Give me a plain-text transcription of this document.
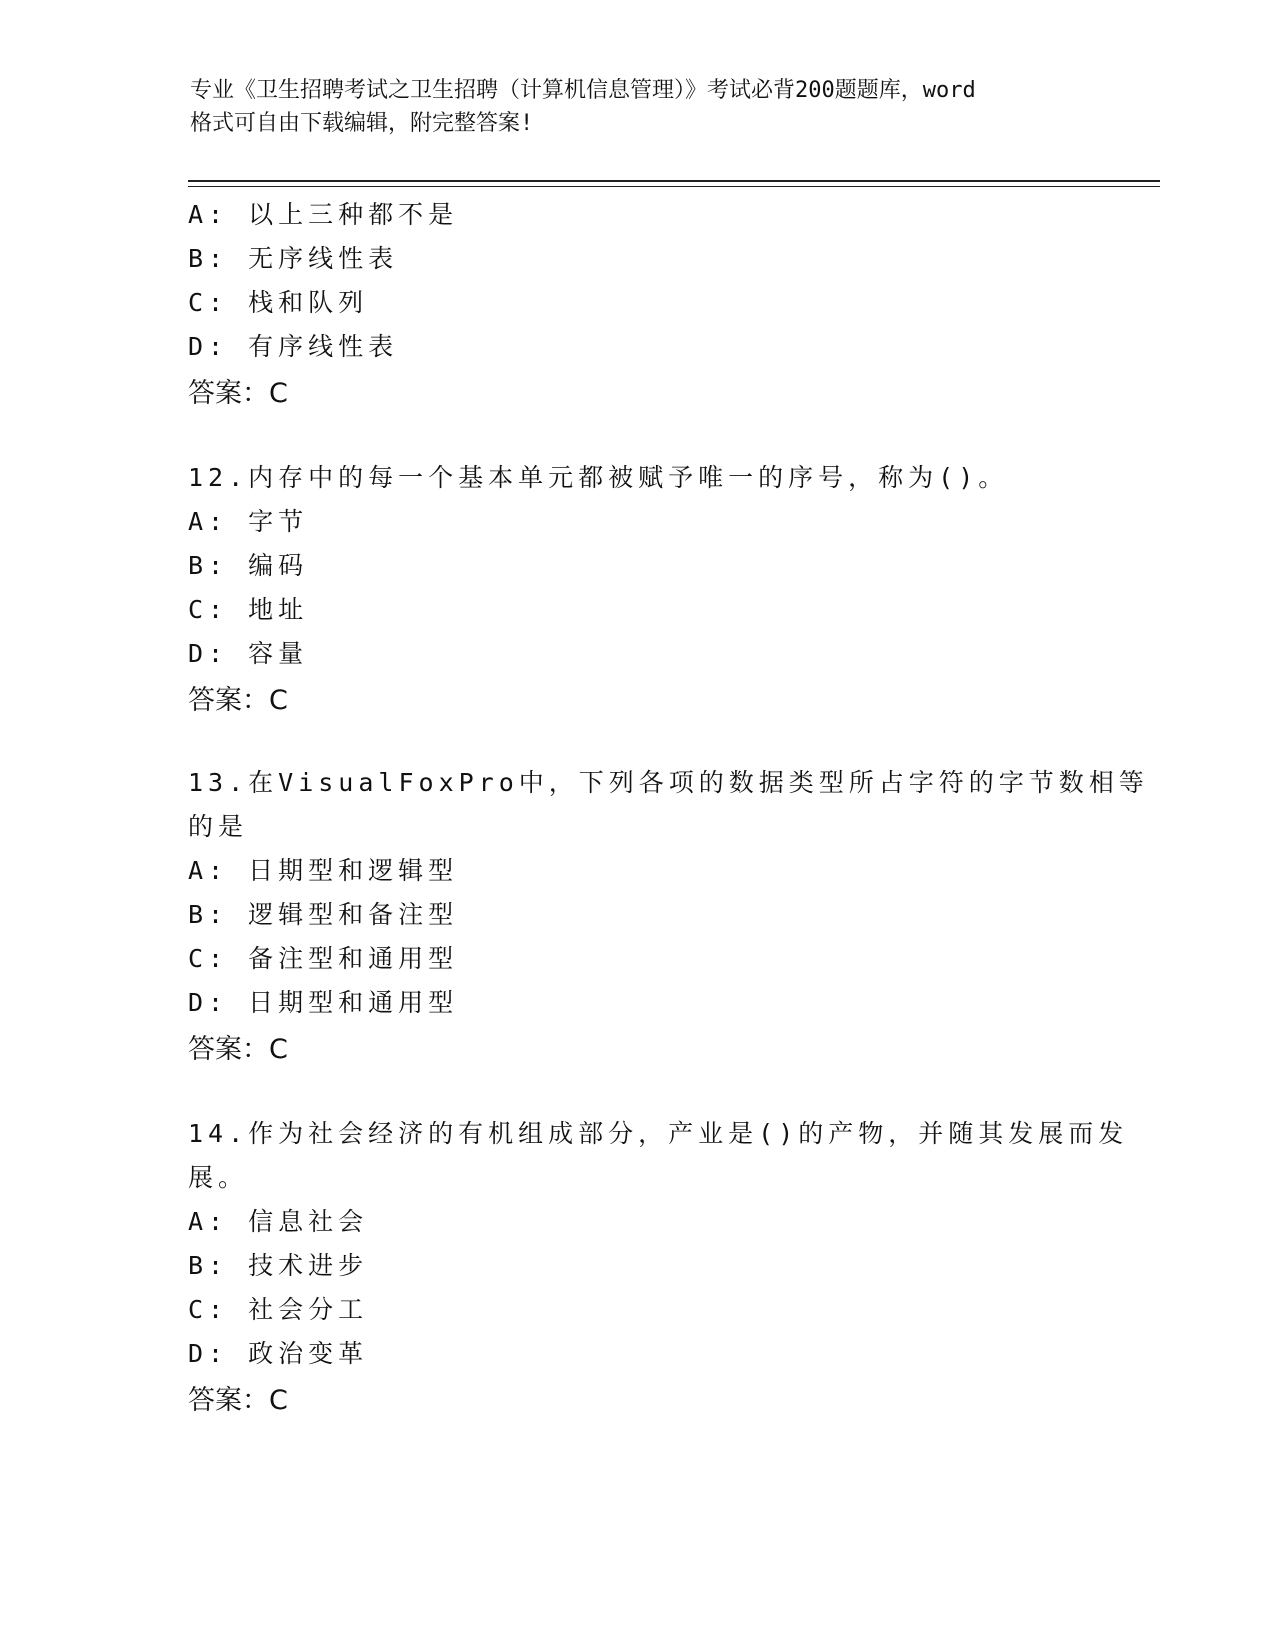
专业《卫生招聘考试之卫生招聘（计算机信息管理）》考试必背200题题库，word
格式可自由下载编辑，附完整答案!
A: 以上三种都不是
B: 无序线性表
C: 栈和队列
D: 有序线性表
答案：C
12.内存中的每一个基本单元都被赋予唯一的序号，称为()。
A: 字节
B: 编码
C: 地址
D: 容量
答案：C
13.在VisualFoxPro中，下列各项的数据类型所占字符的字节数相等
的是
A: 日期型和逻辑型
B: 逻辑型和备注型
C: 备注型和通用型
D: 日期型和通用型
答案：C
14.作为社会经济的有机组成部分，产业是()的产物，并随其发展而发
展。
A: 信息社会
B: 技术进步
C: 社会分工
D: 政治变革
答案：C
